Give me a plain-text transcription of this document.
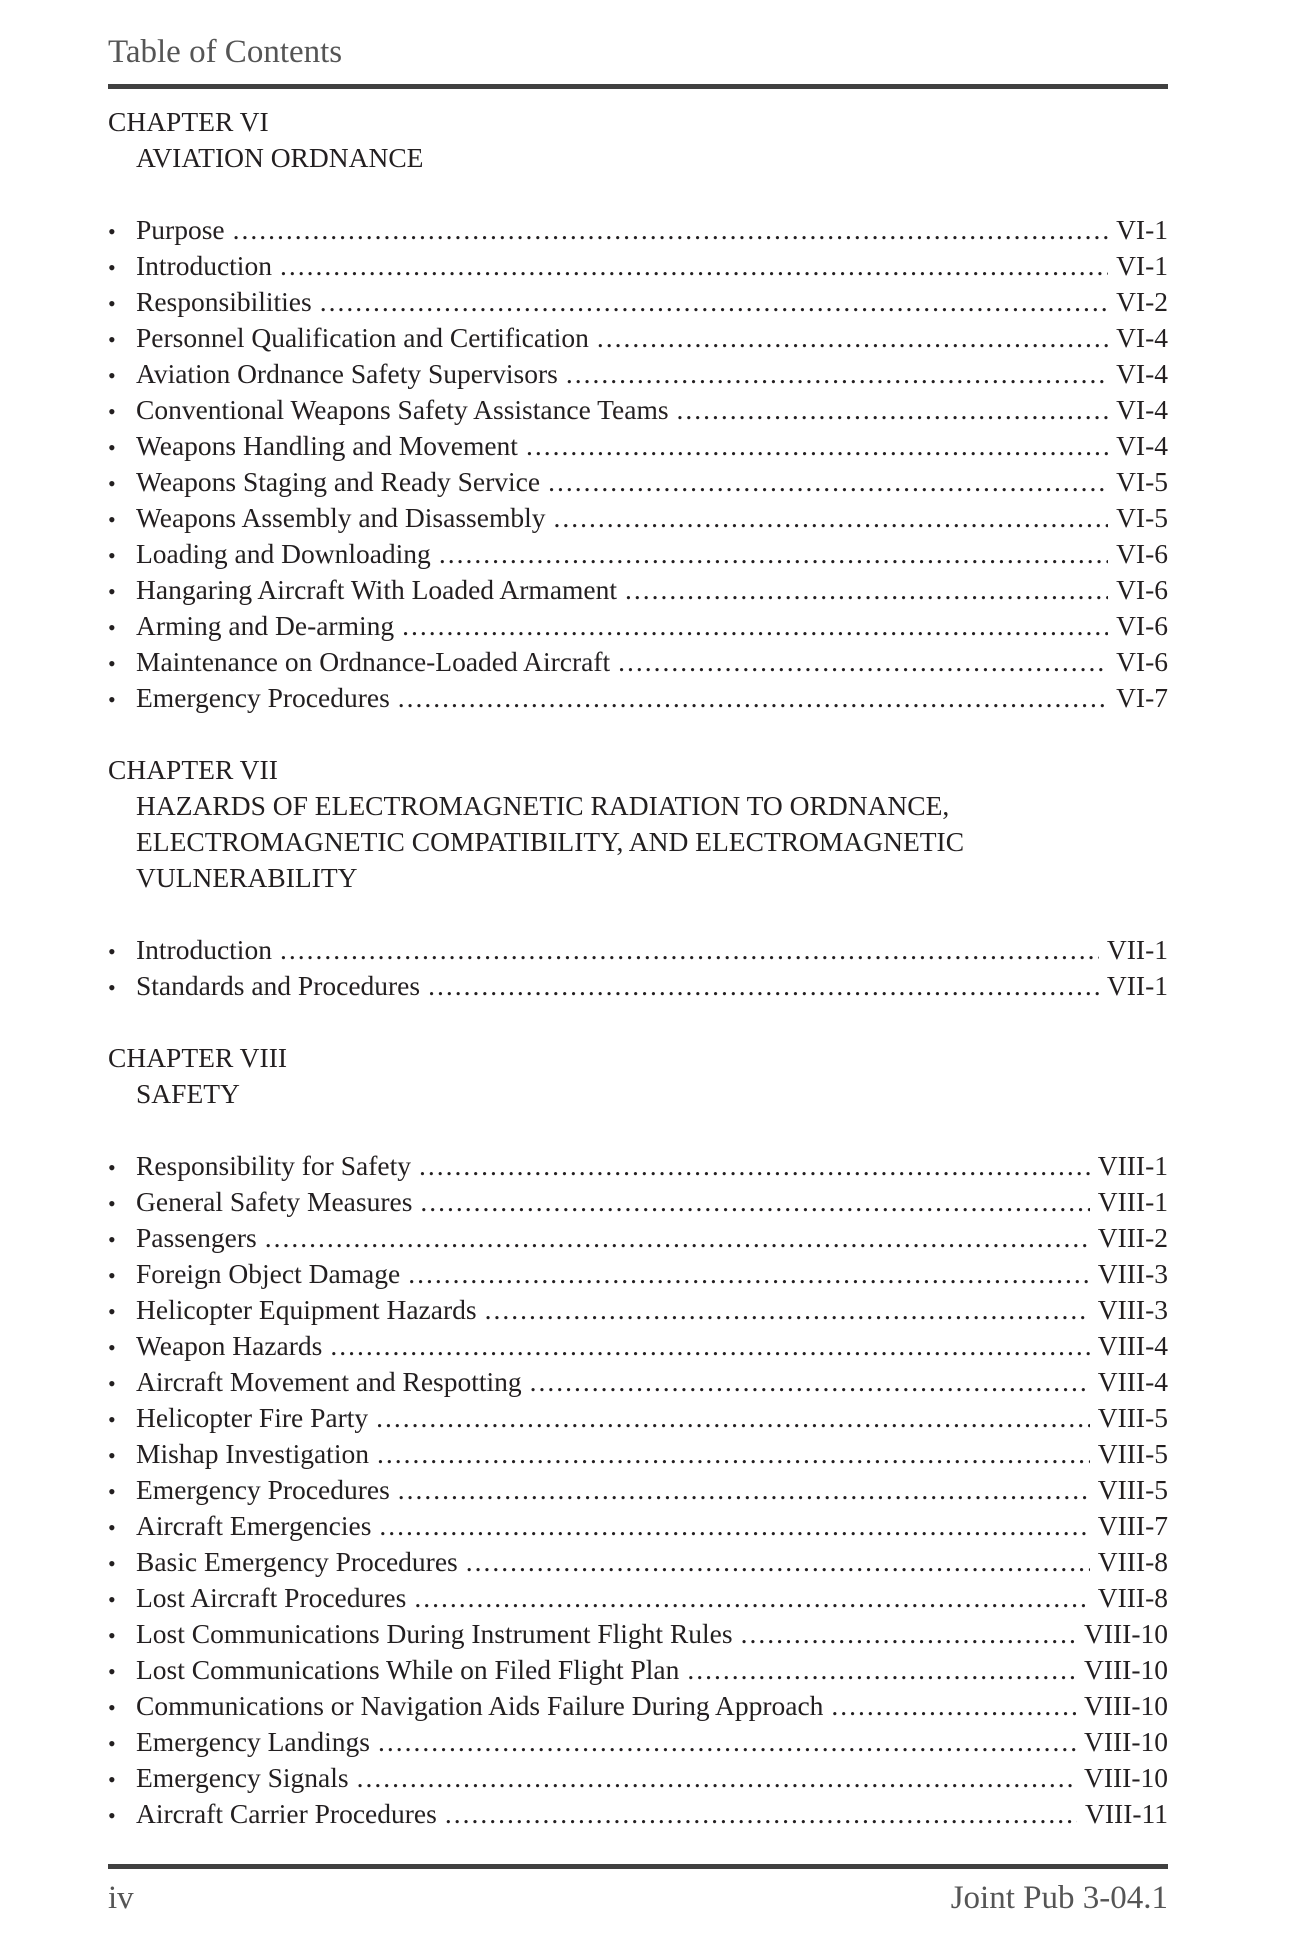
Table of Contents
CHAPTER VI
AVIATION ORDNANCE
• Purpose .....	VI-1
• Introduction .....	VI-1
• Responsibilities .....	VI-2
• Personnel Qualification and Certification .....	VI-4
• Aviation Ordnance Safety Supervisors .....	VI-4
• Conventional Weapons Safety Assistance Teams .....	VI-4
• Weapons Handling and Movement .....	VI-4
• Weapons Staging and Ready Service .....	VI-5
• Weapons Assembly and Disassembly .....	VI-5
• Loading and Downloading .....	VI-6
• Hangaring Aircraft With Loaded Armament .....	VI-6
• Arming and De-arming .....	VI-6
• Maintenance on Ordnance-Loaded Aircraft .....	VI-6
• Emergency Procedures .....	VI-7
CHAPTER VII
HAZARDS OF ELECTROMAGNETIC RADIATION TO ORDNANCE,
ELECTROMAGNETIC COMPATIBILITY, AND ELECTROMAGNETIC
VULNERABILITY
• Introduction .....	VII-1
• Standards and Procedures .....	VII-1
CHAPTER VIII
SAFETY
• Responsibility for Safety .....	VIII-1
• General Safety Measures .....	VIII-1
• Passengers .....	VIII-2
• Foreign Object Damage .....	VIII-3
• Helicopter Equipment Hazards .....	VIII-3
• Weapon Hazards .....	VIII-4
• Aircraft Movement and Respotting .....	VIII-4
• Helicopter Fire Party .....	VIII-5
• Mishap Investigation .....	VIII-5
• Emergency Procedures .....	VIII-5
• Aircraft Emergencies .....	VIII-7
• Basic Emergency Procedures .....	VIII-8
• Lost Aircraft Procedures .....	VIII-8
• Lost Communications During Instrument Flight Rules .....	VIII-10
• Lost Communications While on Filed Flight Plan .....	VIII-10
• Communications or Navigation Aids Failure During Approach .....	VIII-10
• Emergency Landings .....	VIII-10
• Emergency Signals .....	VIII-10
• Aircraft Carrier Procedures .....	VIII-11
iv	Joint Pub 3-04.1
